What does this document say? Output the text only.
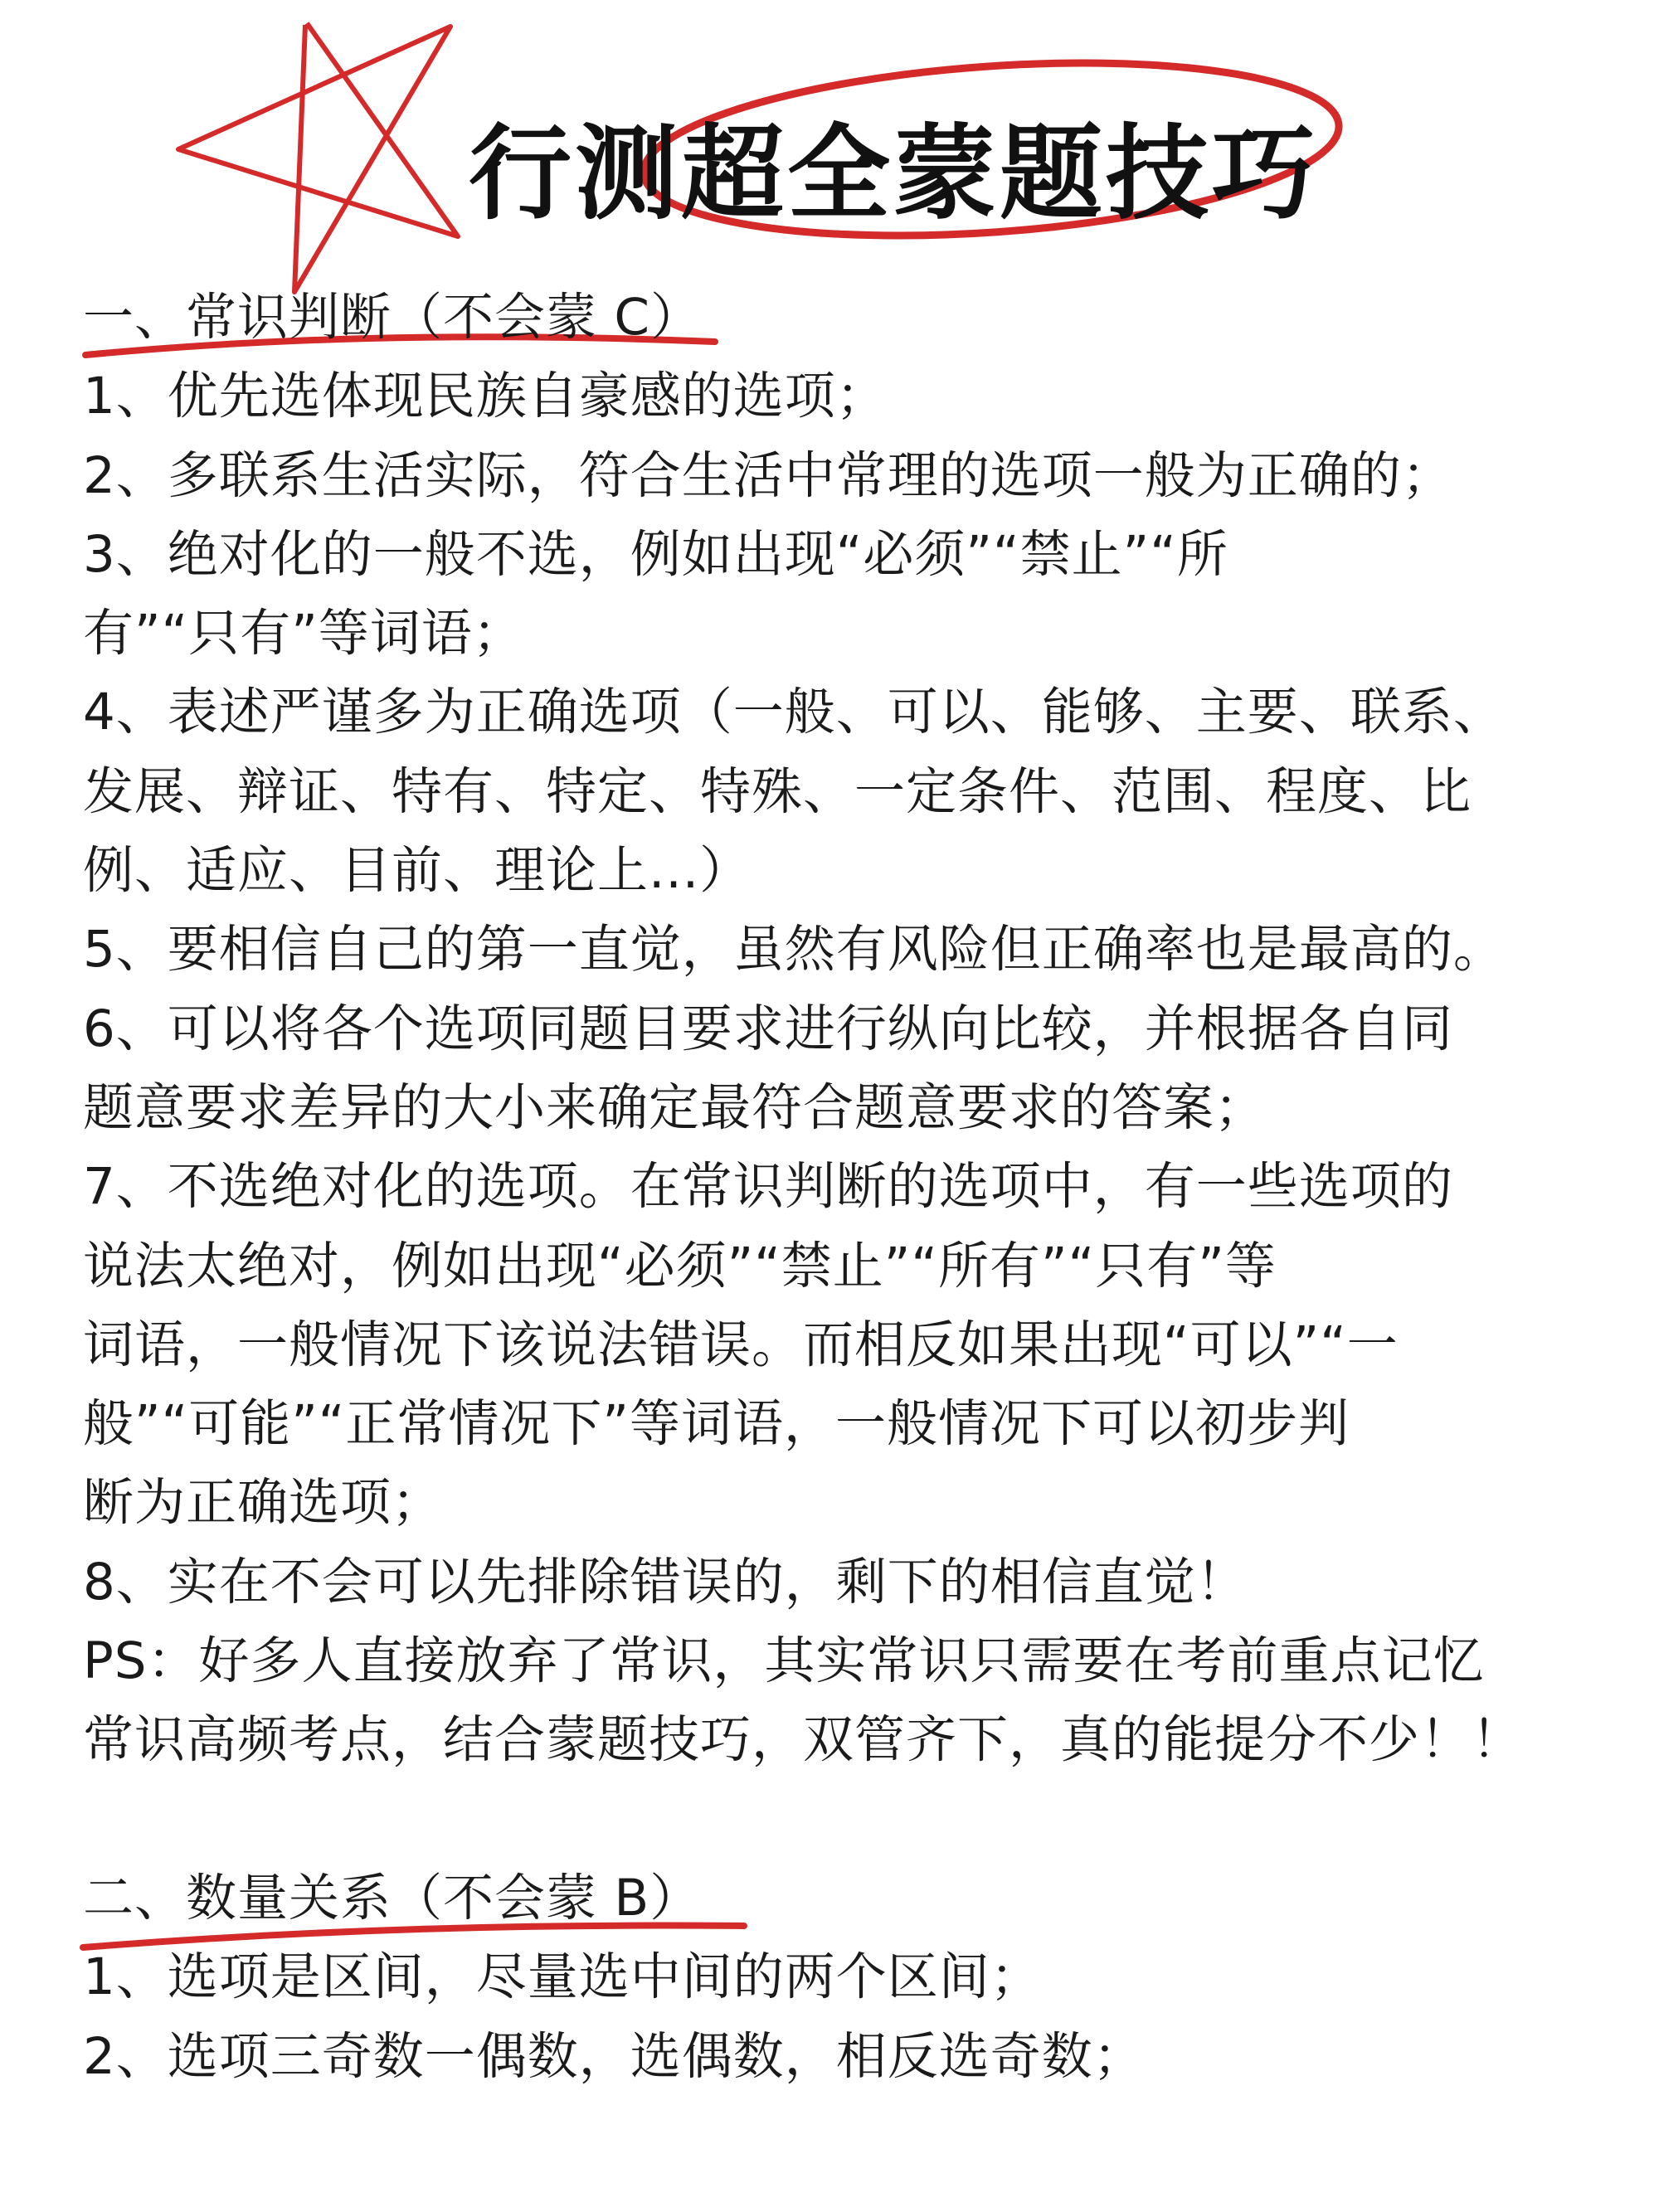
行测超全蒙题技巧
一、常识判断（不会蒙 C）
1、优先选体现民族自豪感的选项；
2、多联系生活实际，符合生活中常理的选项一般为正确的；
3、绝对化的一般不选，例如出现“必须”“禁止”“所
有”“只有”等词语；
4、表述严谨多为正确选项（一般、可以、能够、主要、联系、
发展、辩证、特有、特定、特殊、一定条件、范围、程度、比
例、适应、目前、理论上...）
5、要相信自己的第一直觉，虽然有风险但正确率也是最高的。
6、可以将各个选项同题目要求进行纵向比较，并根据各自同
题意要求差异的大小来确定最符合题意要求的答案；
7、不选绝对化的选项。在常识判断的选项中，有一些选项的
说法太绝对，例如出现“必须”“禁止”“所有”“只有”等
词语，一般情况下该说法错误。而相反如果出现“可以”“一
般”“可能”“正常情况下”等词语，一般情况下可以初步判
断为正确选项；
8、实在不会可以先排除错误的，剩下的相信直觉！
PS：好多人直接放弃了常识，其实常识只需要在考前重点记忆
常识高频考点，结合蒙题技巧，双管齐下，真的能提分不少！！
二、数量关系（不会蒙 B）
1、选项是区间，尽量选中间的两个区间；
2、选项三奇数一偶数，选偶数，相反选奇数；
